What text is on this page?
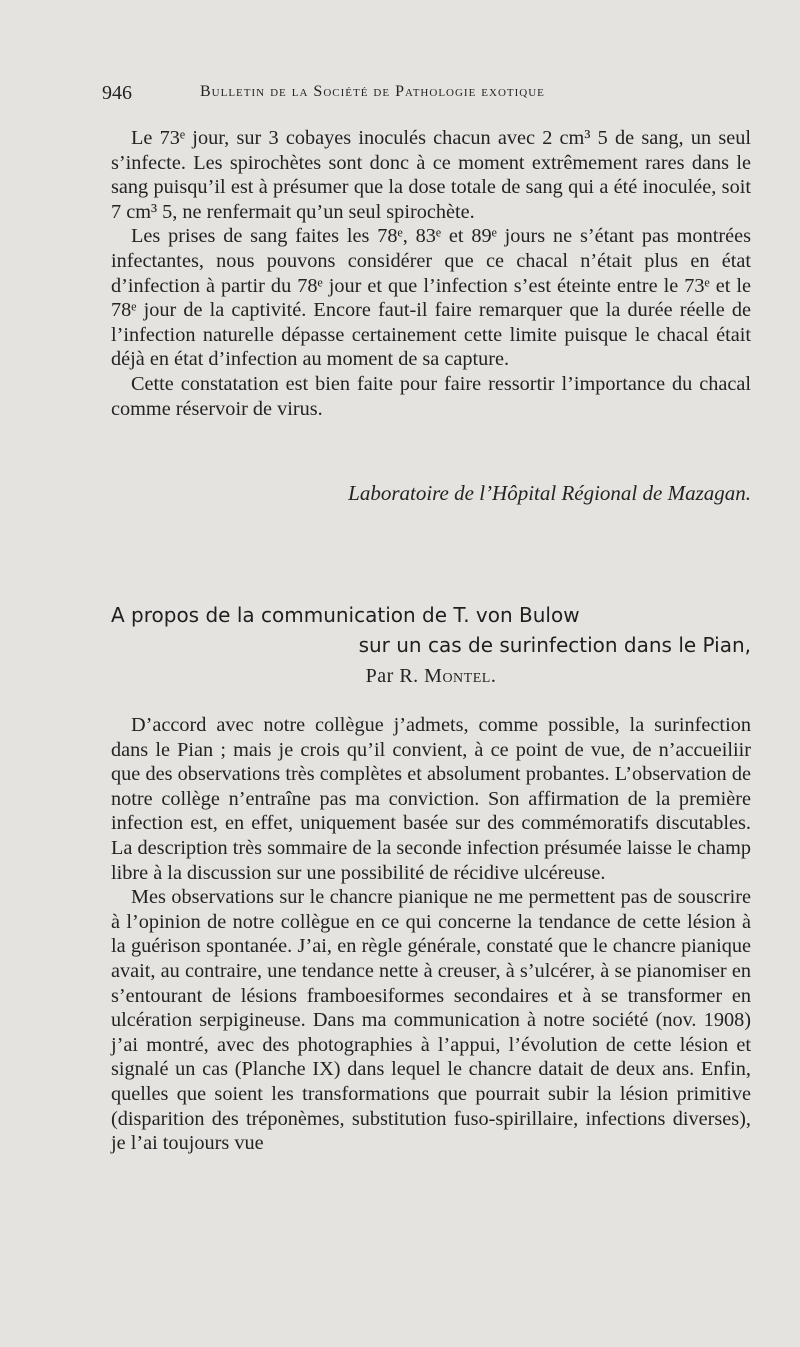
946	Bulletin de la Société de Pathologie exotique

Le 73ᵉ jour, sur 3 cobayes inoculés chacun avec 2 cm³ 5 de sang, un seul s’infecte. Les spirochètes sont donc à ce moment extrêmement rares dans le sang puisqu’il est à présumer que la dose totale de sang qui a été inoculée, soit 7 cm³ 5, ne renfermait qu’un seul spirochète.

Les prises de sang faites les 78ᵉ, 83ᵉ et 89ᵉ jours ne s’étant pas montrées infectantes, nous pouvons considérer que ce chacal n’était plus en état d’infection à partir du 78ᵉ jour et que l’infection s’est éteinte entre le 73ᵉ et le 78ᵉ jour de la captivité. Encore faut-il faire remarquer que la durée réelle de l’infection naturelle dépasse certainement cette limite puisque le chacal était déjà en état d’infection au moment de sa capture.

Cette constatation est bien faite pour faire ressortir l’importance du chacal comme réservoir de virus.

Laboratoire de l’Hôpital Régional de Mazagan.
A propos de la communication de T. von Bulow
sur un cas de surinfection dans le Pian,
Par R. Montel.

D’accord avec notre collègue j’admets, comme possible, la surinfection dans le Pian ; mais je crois qu’il convient, à ce point de vue, de n’accueiliir que des observations très complètes et absolument probantes. L’observation de notre collège n’entraîne pas ma conviction. Son affirmation de la première infection est, en effet, uniquement basée sur des commémoratifs discutables. La description très sommaire de la seconde infection présumée laisse le champ libre à la discussion sur une possibilité de récidive ulcéreuse.

Mes observations sur le chancre pianique ne me permettent pas de souscrire à l’opinion de notre collègue en ce qui concerne la tendance de cette lésion à la guérison spontanée. J’ai, en règle générale, constaté que le chancre pianique avait, au contraire, une tendance nette à creuser, à s’ulcérer, à se pianomiser en s’entourant de lésions framboesiformes secondaires et à se transformer en ulcération serpigineuse. Dans ma communication à notre société (nov. 1908) j’ai montré, avec des photographies à l’appui, l’évolution de cette lésion et signalé un cas (Planche IX) dans lequel le chancre datait de deux ans. Enfin, quelles que soient les transformations que pourrait subir la lésion primitive (disparition des tréponèmes, substitution fuso-spirillaire, infections diverses), je l’ai toujours vue
